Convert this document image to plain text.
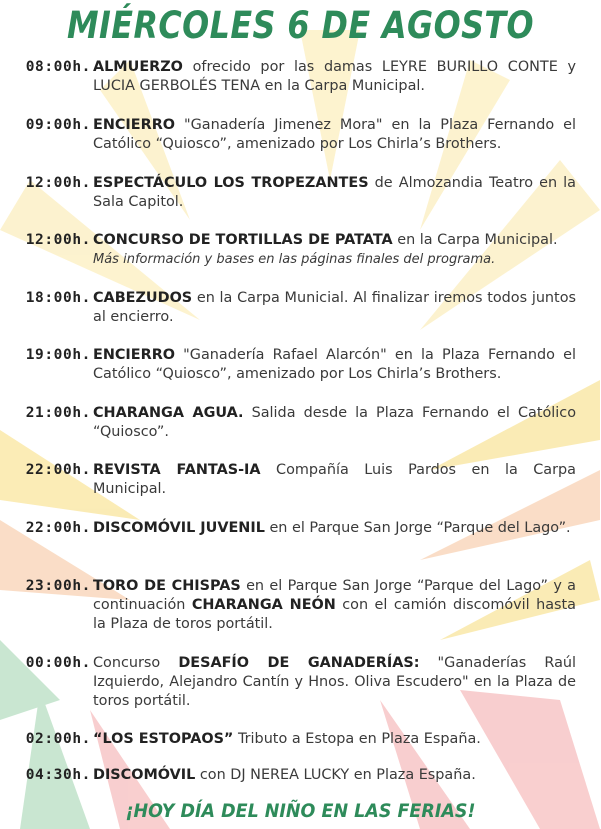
MIÉRCOLES 6 DE AGOSTO
08:00h. ALMUERZO ofrecido por las damas LEYRE BURILLO CONTE y LUCIA GERBOLÉS TENA en la Carpa Municipal.
09:00h. ENCIERRO "Ganadería Jimenez Mora" en la Plaza Fernando el Católico “Quiosco”, amenizado por Los Chirla’s Brothers.
12:00h. ESPECTÁCULO LOS TROPEZANTES de Almozandia Teatro en la Sala Capitol.
12:00h. CONCURSO DE TORTILLAS DE PATATA en la Carpa Municipal.
Más información y bases en las páginas finales del programa.
18:00h. CABEZUDOS en la Carpa Municial. Al finalizar iremos todos juntos al encierro.
19:00h. ENCIERRO "Ganadería Rafael Alarcón" en la Plaza Fernando el Católico “Quiosco”, amenizado por Los Chirla’s Brothers.
21:00h. CHARANGA AGUA. Salida desde la Plaza Fernando el Católico “Quiosco”.
22:00h. REVISTA FANTAS-IA Compañía Luis Pardos en la Carpa Municipal.
22:00h. DISCOMÓVIL JUVENIL en el Parque San Jorge “Parque del Lago”.
23:00h. TORO DE CHISPAS en el Parque San Jorge “Parque del Lago” y a continuación CHARANGA NEÓN con el camión discomóvil hasta la Plaza de toros portátil.
00:00h. Concurso DESAFÍO DE GANADERÍAS: "Ganaderías Raúl Izquierdo, Alejandro Cantín y Hnos. Oliva Escudero" en la Plaza de toros portátil.
02:00h. “LOS ESTOPAOS” Tributo a Estopa en Plaza España.
04:30h. DISCOMÓVIL con DJ NEREA LUCKY en Plaza España.
¡HOY DÍA DEL NIÑO EN LAS FERIAS!
